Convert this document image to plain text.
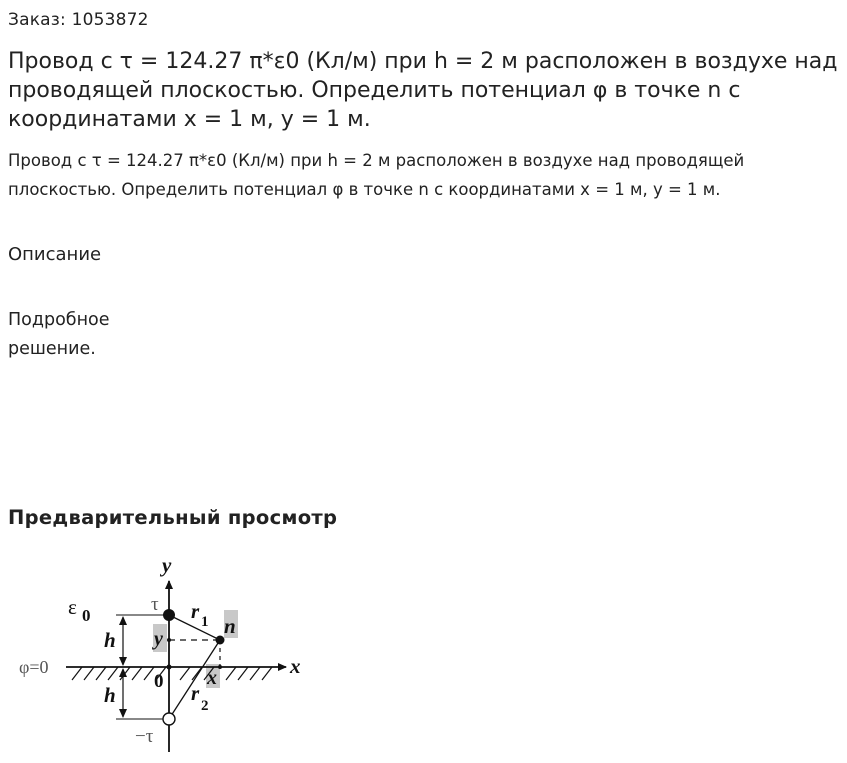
Заказ: 1053872
Провод с τ = 124.27 π*ε0 (Кл/м) при h = 2 м расположен в воздухе над проводящей плоскостью. Определить потенциал φ в точке n с координатами x = 1 м, y = 1 м.
Провод с τ = 124.27 π*ε0 (Кл/м) при h = 2 м расположен в воздухе над проводящей плоскостью. Определить потенциал φ в точке n с координатами x = 1 м, y = 1 м.
Описание
Подробное решение.
Предварительный просмотр
y
x
ε 0
τ
−τ
r 1
r
2
h
h
n
y
x
0
φ=0
